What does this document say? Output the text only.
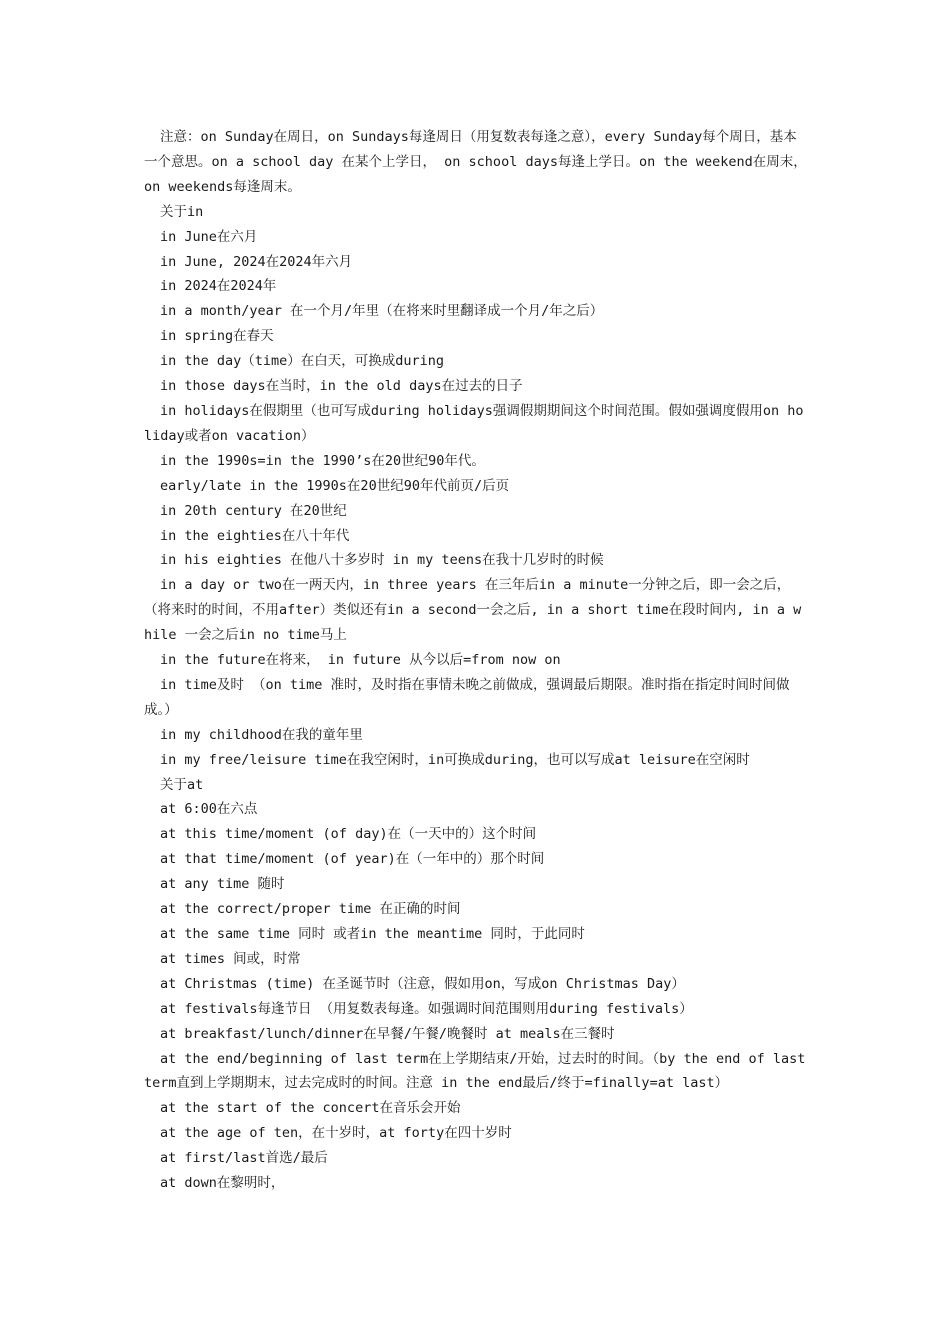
注意：on Sunday在周日，on Sundays每逢周日（用复数表每逢之意），every Sunday每个周日，基本一个意思。on a school day 在某个上学日， on school days每逢上学日。on the weekend在周末，on weekends每逢周末。

关于in

in June在六月

in June, 2024在2024年六月

in 2024在2024年

in a month/year 在一个月/年里（在将来时里翻译成一个月/年之后）

in spring在春天

in the day（time）在白天，可换成during

in those days在当时，in the old days在过去的日子

in holidays在假期里（也可写成during holidays强调假期期间这个时间范围。假如强调度假用on holiday或者on vacation）

in the 1990s=in the 1990’s在20世纪90年代。

early/late in the 1990s在20世纪90年代前页/后页

in 20th century 在20世纪

in the eighties在八十年代

in his eighties 在他八十多岁时 in my teens在我十几岁时的时候

in a day or two在一两天内，in three years 在三年后in a minute一分钟之后，即一会之后，（将来时的时间，不用after）类似还有in a second一会之后, in a short time在段时间内, in a while 一会之后in no time马上

in the future在将来， in future 从今以后=from now on

in time及时 （on time 准时，及时指在事情未晚之前做成，强调最后期限。准时指在指定时间时间做成。）

in my childhood在我的童年里

in my free/leisure time在我空闲时，in可换成during，也可以写成at leisure在空闲时

关于at

at 6:00在六点

at this time/moment (of day)在（一天中的）这个时间

at that time/moment (of year)在（一年中的）那个时间

at any time 随时

at the correct/proper time 在正确的时间

at the same time 同时 或者in the meantime 同时，于此同时

at times 间或，时常

at Christmas (time) 在圣诞节时（注意，假如用on，写成on Christmas Day）

at festivals每逢节日 （用复数表每逢。如强调时间范围则用during festivals）

at breakfast/lunch/dinner在早餐/午餐/晚餐时 at meals在三餐时

at the end/beginning of last term在上学期结束/开始，过去时的时间。（by the end of last term直到上学期期末，过去完成时的时间。注意 in the end最后/终于=finally=at last）

at the start of the concert在音乐会开始

at the age of ten，在十岁时，at forty在四十岁时

at first/last首选/最后

at down在黎明时，
